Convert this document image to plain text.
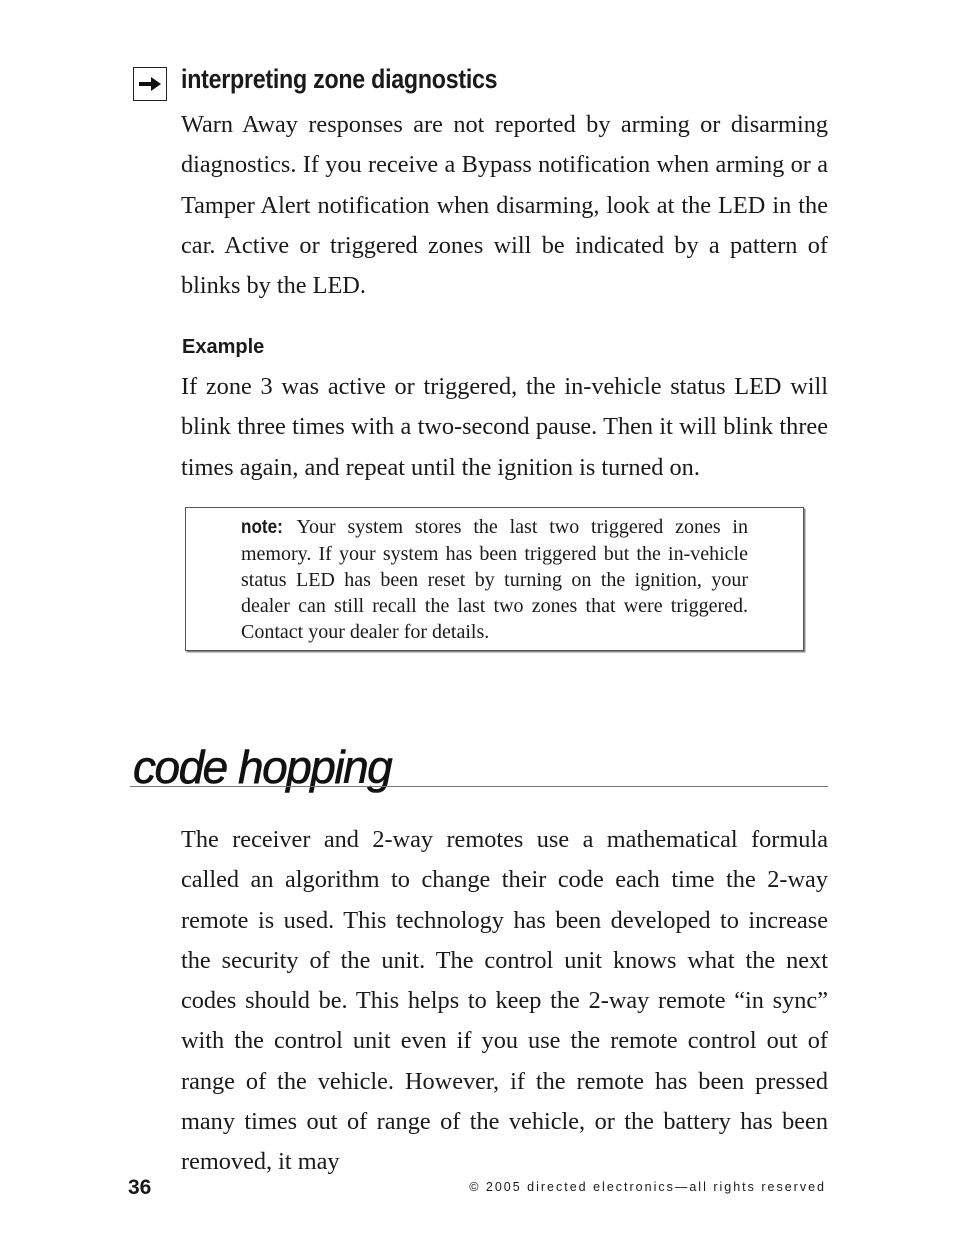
interpreting zone diagnostics

Warn Away responses are not reported by arming or disarming diagnostics. If you receive a Bypass notification when arming or a Tamper Alert notification when disarming, look at the LED in the car. Active or triggered zones will be indicated by a pattern of blinks by the LED.

Example

If zone 3 was active or triggered, the in-vehicle status LED will blink three times with a two-second pause. Then it will blink three times again, and repeat until the ignition is turned on.

note: Your system stores the last two triggered zones in memory. If your system has been triggered but the in-vehicle status LED has been reset by turning on the ignition, your dealer can still recall the last two zones that were triggered. Contact your dealer for details.

code hopping

The receiver and 2-way remotes use a mathematical formula called an algorithm to change their code each time the 2-way remote is used. This technology has been developed to increase the security of the unit. The control unit knows what the next codes should be. This helps to keep the 2-way remote “in sync” with the control unit even if you use the remote control out of range of the vehicle. However, if the remote has been pressed many times out of range of the vehicle, or the battery has been removed, it may

36	© 2005 directed electronics—all rights reserved
